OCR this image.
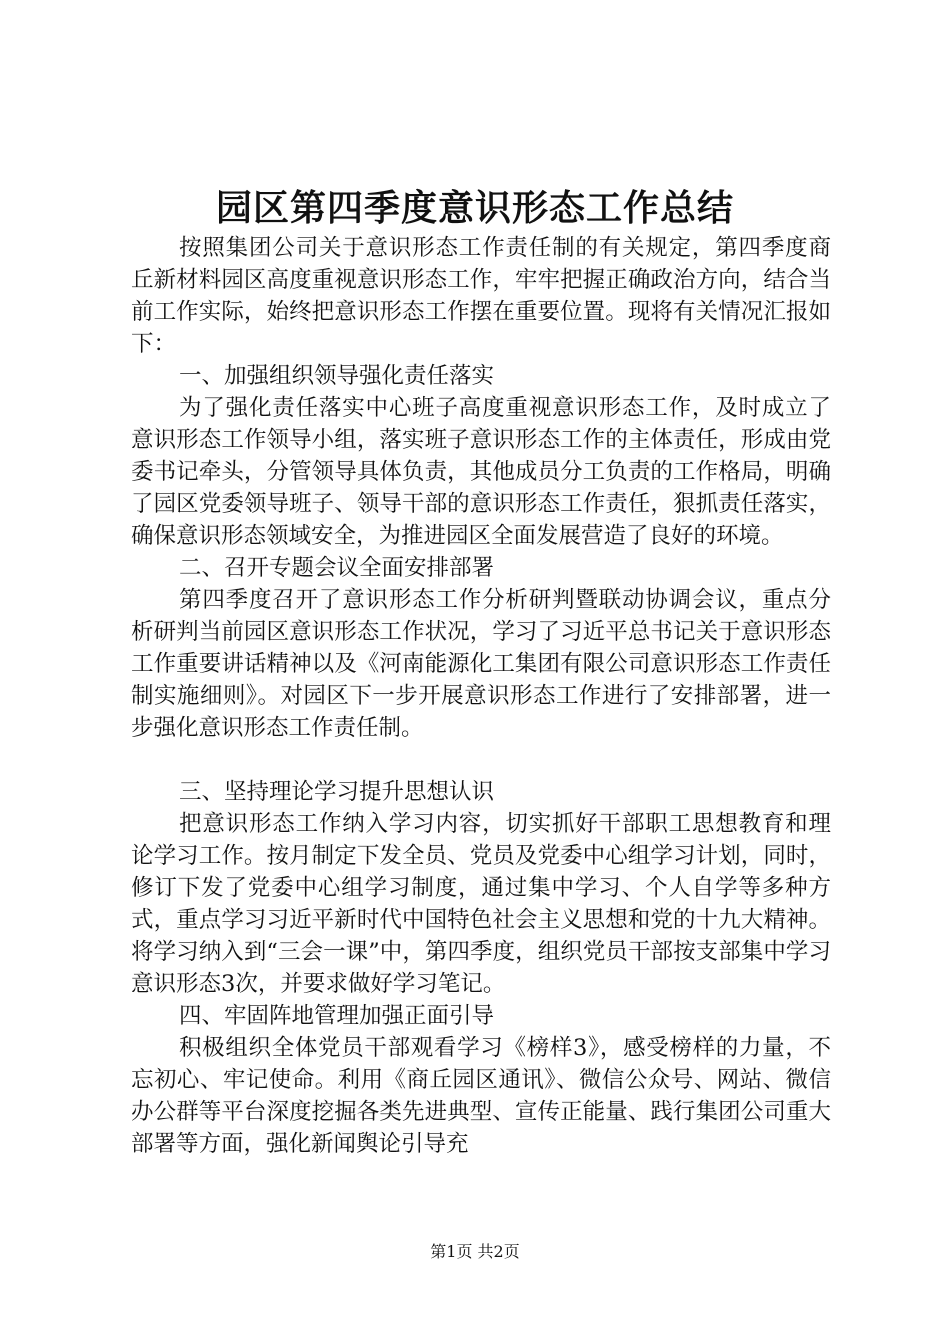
园区第四季度意识形态工作总结

按照集团公司关于意识形态工作责任制的有关规定，第四季度商丘新材料园区高度重视意识形态工作，牢牢把握正确政治方向，结合当前工作实际，始终把意识形态工作摆在重要位置。现将有关情况汇报如下：

一、加强组织领导强化责任落实

为了强化责任落实中心班子高度重视意识形态工作，及时成立了意识形态工作领导小组，落实班子意识形态工作的主体责任，形成由党委书记牵头，分管领导具体负责，其他成员分工负责的工作格局，明确了园区党委领导班子、领导干部的意识形态工作责任，狠抓责任落实，确保意识形态领域安全，为推进园区全面发展营造了良好的环境。

二、召开专题会议全面安排部署

第四季度召开了意识形态工作分析研判暨联动协调会议，重点分析研判当前园区意识形态工作状况，学习了习近平总书记关于意识形态工作重要讲话精神以及《河南能源化工集团有限公司意识形态工作责任制实施细则》。对园区下一步开展意识形态工作进行了安排部署，进一步强化意识形态工作责任制。

三、坚持理论学习提升思想认识

把意识形态工作纳入学习内容，切实抓好干部职工思想教育和理论学习工作。按月制定下发全员、党员及党委中心组学习计划，同时，修订下发了党委中心组学习制度，通过集中学习、个人自学等多种方式，重点学习习近平新时代中国特色社会主义思想和党的十九大精神。将学习纳入到“三会一课”中，第四季度，组织党员干部按支部集中学习意识形态3次，并要求做好学习笔记。

四、牢固阵地管理加强正面引导

积极组织全体党员干部观看学习《榜样3》，感受榜样的力量，不忘初心、牢记使命。利用《商丘园区通讯》、微信公众号、网站、微信办公群等平台深度挖掘各类先进典型、宣传正能量、践行集团公司重大部署等方面，强化新闻舆论引导充

第1页 共2页
